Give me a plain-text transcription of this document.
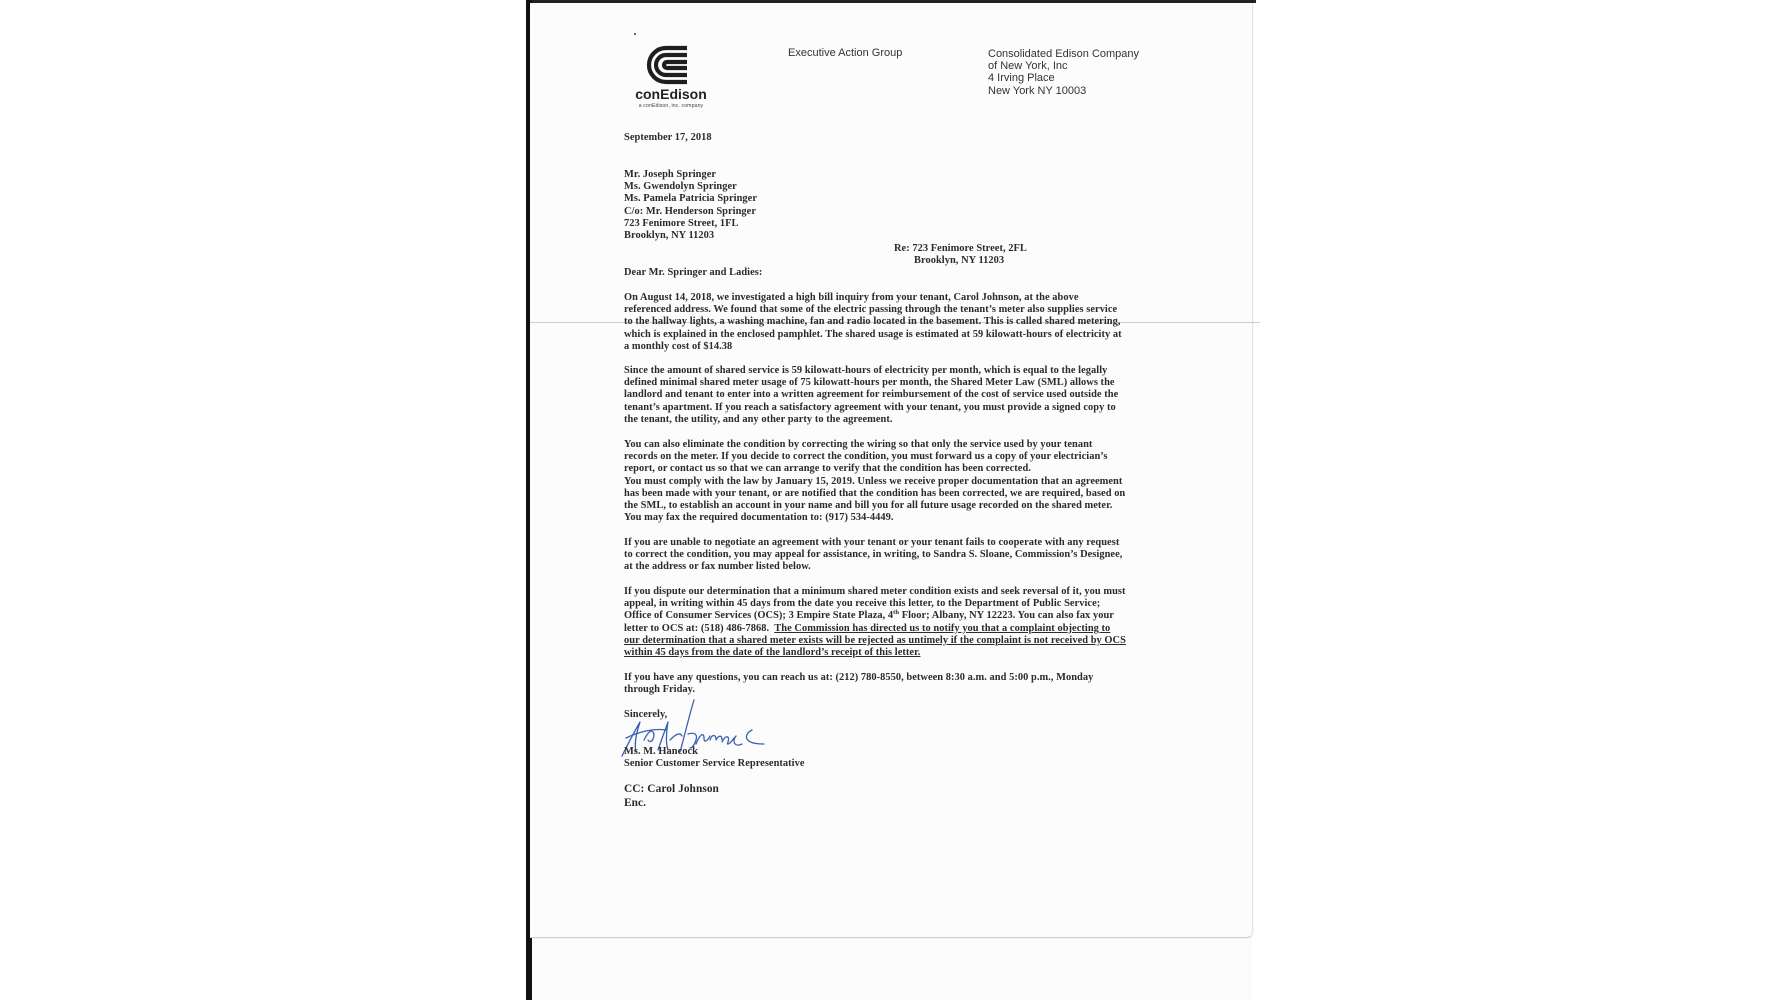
conEdison
a conEdison, inc. company
Executive Action Group	Consolidated Edison Company
of New York, Inc
4 Irving Place
New York NY 10003
September 17, 2018
Mr. Joseph Springer
Ms. Gwendolyn Springer
Ms. Pamela Patricia Springer
C/o: Mr. Henderson Springer
723 Fenimore Street, 1FL
Brooklyn, NY 11203
Re: 723 Fenimore Street, 2FL
Brooklyn, NY 11203
Dear Mr. Springer and Ladies:
On August 14, 2018, we investigated a high bill inquiry from your tenant, Carol Johnson, at the above
referenced address. We found that some of the electric passing through the tenant’s meter also supplies service
to the hallway lights, a washing machine, fan and radio located in the basement. This is called shared metering,
which is explained in the enclosed pamphlet. The shared usage is estimated at 59 kilowatt-hours of electricity at
a monthly cost of $14.38
Since the amount of shared service is 59 kilowatt-hours of electricity per month, which is equal to the legally
defined minimal shared meter usage of 75 kilowatt-hours per month, the Shared Meter Law (SML) allows the
landlord and tenant to enter into a written agreement for reimbursement of the cost of service used outside the
tenant’s apartment. If you reach a satisfactory agreement with your tenant, you must provide a signed copy to
the tenant, the utility, and any other party to the agreement.
You can also eliminate the condition by correcting the wiring so that only the service used by your tenant
records on the meter. If you decide to correct the condition, you must forward us a copy of your electrician’s
report, or contact us so that we can arrange to verify that the condition has been corrected.
You must comply with the law by January 15, 2019. Unless we receive proper documentation that an agreement
has been made with your tenant, or are notified that the condition has been corrected, we are required, based on
the SML, to establish an account in your name and bill you for all future usage recorded on the shared meter.
You may fax the required documentation to: (917) 534-4449.
If you are unable to negotiate an agreement with your tenant or your tenant fails to cooperate with any request
to correct the condition, you may appeal for assistance, in writing, to Sandra S. Sloane, Commission’s Designee,
at the address or fax number listed below.
If you dispute our determination that a minimum shared meter condition exists and seek reversal of it, you must
appeal, in writing within 45 days from the date you receive this letter, to the Department of Public Service;
Office of Consumer Services (OCS); 3 Empire State Plaza, 4th Floor; Albany, NY 12223. You can also fax your
letter to OCS at: (518) 486-7868.  The Commission has directed us to notify you that a complaint objecting to
our determination that a shared meter exists will be rejected as untimely if the complaint is not received by OCS
within 45 days from the date of the landlord’s receipt of this letter.
If you have any questions, you can reach us at: (212) 780-8550, between 8:30 a.m. and 5:00 p.m., Monday
through Friday.
Sincerely,
Ms. M. Hancock
Senior Customer Service Representative
CC: Carol Johnson
Enc.
